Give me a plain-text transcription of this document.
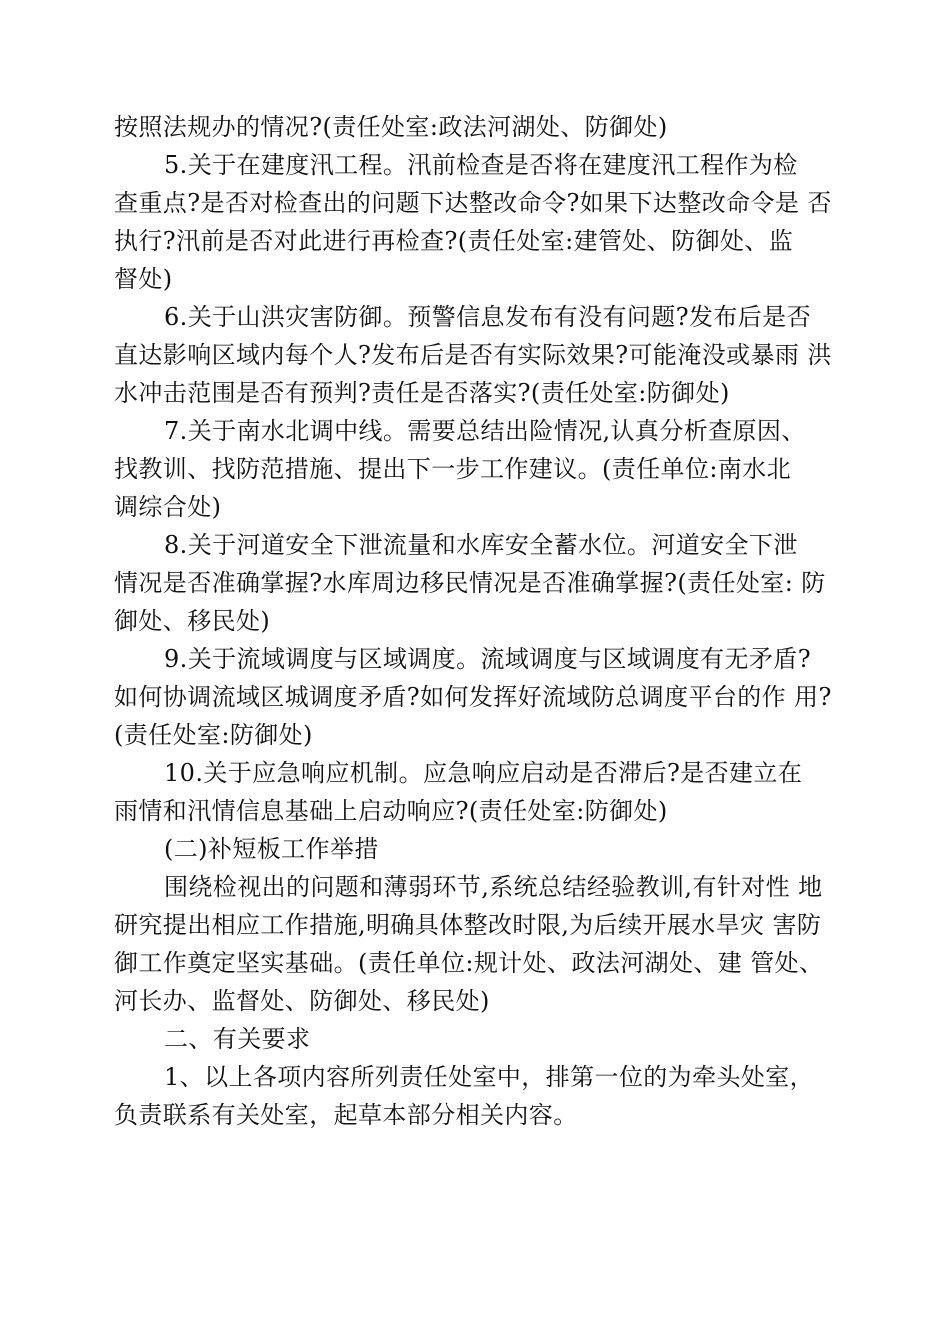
按照法规办的情况?(责任处室:政法河湖处、防御处)
5.关于在建度汛工程。汛前检查是否将在建度汛工程作为检
查重点?是否对检查出的问题下达整改命令?如果下达整改命令是 否
执行?汛前是否对此进行再检查?(责任处室:建管处、防御处、监
督处)
6.关于山洪灾害防御。预警信息发布有没有问题?发布后是否
直达影响区域内每个人?发布后是否有实际效果?可能淹没或暴雨 洪
水冲击范围是否有预判?责任是否落实?(责任处室:防御处)
7.关于南水北调中线。需要总结出险情况,认真分析查原因、
找教训、找防范措施、提出下一步工作建议。(责任单位:南水北
调综合处)
8.关于河道安全下泄流量和水库安全蓄水位。河道安全下泄
情况是否准确掌握?水库周边移民情况是否准确掌握?(责任处室: 防
御处、移民处)
9.关于流域调度与区域调度。流域调度与区域调度有无矛盾?
如何协调流域区城调度矛盾?如何发挥好流域防总调度平台的作 用?
(责任处室:防御处)
10.关于应急响应机制。应急响应启动是否滞后?是否建立在
雨情和汛情信息基础上启动响应?(责任处室:防御处)
(二)补短板工作举措
围绕检视出的问题和薄弱环节,系统总结经验教训,有针对性 地
研究提出相应工作措施,明确具体整改时限,为后续开展水旱灾 害防
御工作奠定坚实基础。(责任单位:规计处、政法河湖处、建 管处、
河长办、监督处、防御处、移民处)
二、有关要求
1、以上各项内容所列责任处室中，排第一位的为牵头处室，
负责联系有关处室，起草本部分相关内容。
